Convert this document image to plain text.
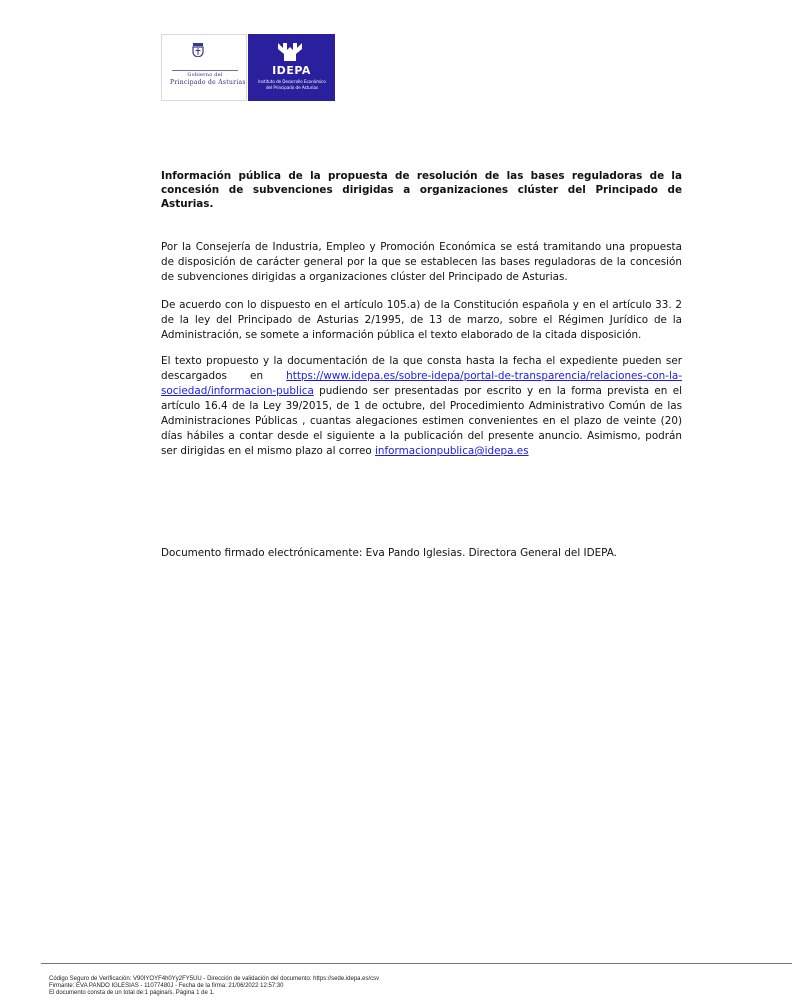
Gobierno del
Principado de Asturias
IDEPA
Instituto de Desarrollo Económico
del Principado de Asturias
Información pública de la propuesta de resolución de las bases reguladoras de la concesión de subvenciones dirigidas a organizaciones clúster del Principado de Asturias.
Por la Consejería de Industria, Empleo y Promoción Económica se está tramitando una propuesta de disposición de carácter general por la que se establecen las bases reguladoras de la concesión de subvenciones dirigidas a organizaciones clúster del Principado de Asturias.
De acuerdo con lo dispuesto en el artículo 105.a) de la Constitución española y en el artículo 33. 2 de la ley del Principado de Asturias 2/1995, de 13 de marzo, sobre el Régimen Jurídico de la Administración, se somete a información pública el texto elaborado de la citada disposición.
El texto propuesto y la documentación de la que consta hasta la fecha el expediente pueden ser descargados en https://www.idepa.es/sobre-idepa/portal-de-transparencia/relaciones-con-la-sociedad/informacion-publica pudiendo ser presentadas por escrito y en la forma prevista en el artículo 16.4 de la Ley 39/2015, de 1 de octubre, del Procedimiento Administrativo Común de las Administraciones Públicas , cuantas alegaciones estimen convenientes en el plazo de veinte (20) días hábiles a contar desde el siguiente a la publicación del presente anuncio. Asimismo, podrán ser dirigidas en el mismo plazo al correo informacionpublica@idepa.es
Documento firmado electrónicamente: Eva Pando Iglesias. Directora General del IDEPA.
Código Seguro de Verificación: V90IYOYF4h0Yy2FY5UU - Dirección de validación del documento: https://sede.idepa.es/csv
Firmante: EVA PANDO IGLESIAS - 11077480J - Fecha de la firma: 21/06/2022 12:57:30
El documento consta de un total de:1 página/s. Página 1 de 1.
